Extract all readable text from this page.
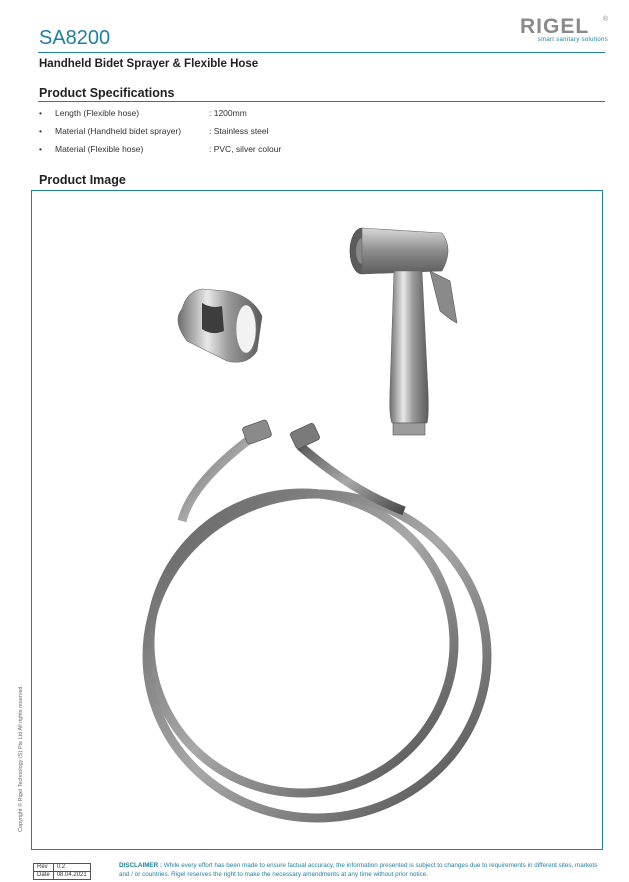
SA8200	RIGEL	®
smart sanitary solutions
Handheld Bidet Sprayer & Flexible Hose
Product Specifications
• Length (Flexible hose)	: 1200mm
• Material (Handheld bidet sprayer)	: Stainless steel
• Material (Flexible hose)	: PVC, silver colour
Product Image
Copyright © Rigel Technology (S) Pte Ltd All rights reserved.
Rev	0.2
Date	08.04.2021
DISCLAIMER : While every effort has been made to ensure factual accuracy, the information presented is subject to changes due to requirements in different sites, markets and / or countries. Rigel reserves the right to make the necessary amendments at any time without prior notice.
